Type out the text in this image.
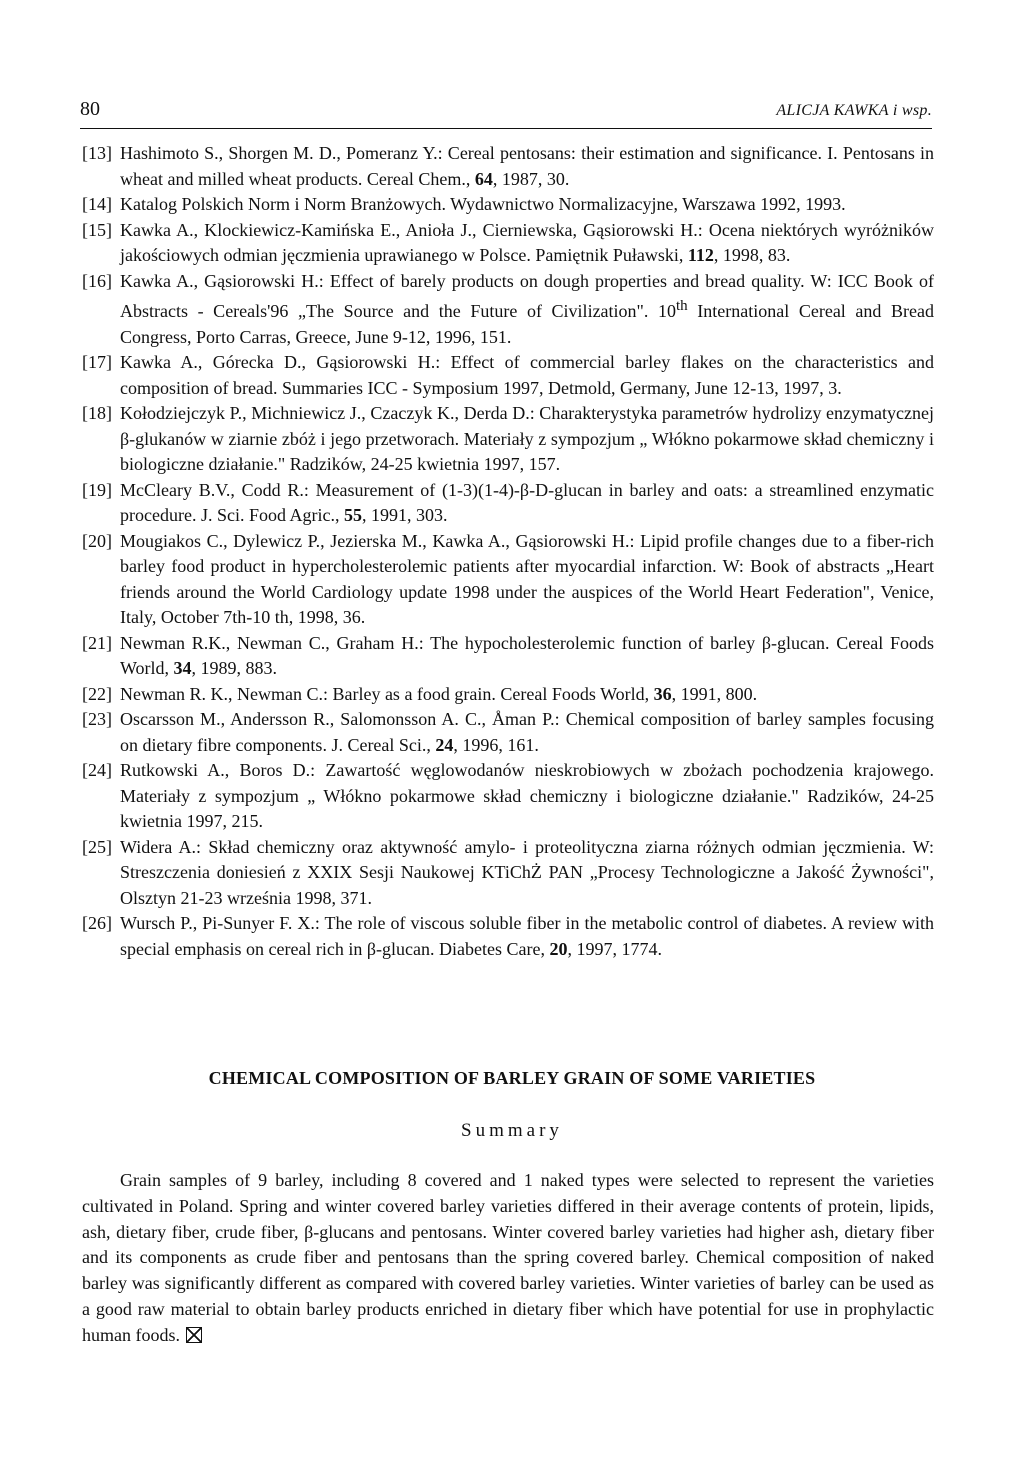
80	ALICJA KAWKA i wsp.
[13] Hashimoto S., Shorgen M. D., Pomeranz Y.: Cereal pentosans: their estimation and significance. I. Pentosans in wheat and milled wheat products. Cereal Chem., 64, 1987, 30.
[14] Katalog Polskich Norm i Norm Branżowych. Wydawnictwo Normalizacyjne, Warszawa 1992, 1993.
[15] Kawka A., Klockiewicz-Kamińska E., Anioła J., Cierniewska, Gąsiorowski H.: Ocena niektórych wyróżników jakościowych odmian jęczmienia uprawianego w Polsce. Pamiętnik Puławski, 112, 1998, 83.
[16] Kawka A., Gąsiorowski H.: Effect of barely products on dough properties and bread quality. W: ICC Book of Abstracts - Cereals'96 „The Source and the Future of Civilization". 10th International Cereal and Bread Congress, Porto Carras, Greece, June 9-12, 1996, 151.
[17] Kawka A., Górecka D., Gąsiorowski H.: Effect of commercial barley flakes on the characteristics and composition of bread. Summaries ICC - Symposium 1997, Detmold, Germany, June 12-13, 1997, 3.
[18] Kołodziejczyk P., Michniewicz J., Czaczyk K., Derda D.: Charakterystyka parametrów hydrolizy enzymatycznej β-glukanów w ziarnie zbóż i jego przetworach. Materiały z sympozjum „ Włókno pokarmowe skład chemiczny i biologiczne działanie." Radzików, 24-25 kwietnia 1997, 157.
[19] McCleary B.V., Codd R.: Measurement of (1-3)(1-4)-β-D-glucan in barley and oats: a streamlined enzymatic procedure. J. Sci. Food Agric., 55, 1991, 303.
[20] Mougiakos C., Dylewicz P., Jezierska M., Kawka A., Gąsiorowski H.: Lipid profile changes due to a fiber-rich barley food product in hypercholesterolemic patients after myocardial infarction. W: Book of abstracts „Heart friends around the World Cardiology update 1998 under the auspices of the World Heart Federation", Venice, Italy, October 7th-10 th, 1998, 36.
[21] Newman R.K., Newman C., Graham H.: The hypocholesterolemic function of barley β-glucan. Cereal Foods World, 34, 1989, 883.
[22] Newman R. K., Newman C.: Barley as a food grain. Cereal Foods World, 36, 1991, 800.
[23] Oscarsson M., Andersson R., Salomonsson A. C., Åman P.: Chemical composition of barley samples focusing on dietary fibre components. J. Cereal Sci., 24, 1996, 161.
[24] Rutkowski A., Boros D.: Zawartość węglowodanów nieskrobiowych w zbożach pochodzenia krajowego. Materiały z sympozjum „ Włókno pokarmowe skład chemiczny i biologiczne działanie." Radzików, 24-25 kwietnia 1997, 215.
[25] Widera A.: Skład chemiczny oraz aktywność amylo- i proteolityczna ziarna różnych odmian jęczmienia. W: Streszczenia doniesień z XXIX Sesji Naukowej KTiChŻ PAN „Procesy Technologiczne a Jakość Żywności", Olsztyn 21-23 września 1998, 371.
[26] Wursch P., Pi-Sunyer F. X.: The role of viscous soluble fiber in the metabolic control of diabetes. A review with special emphasis on cereal rich in β-glucan. Diabetes Care, 20, 1997, 1774.
CHEMICAL COMPOSITION OF BARLEY GRAIN OF SOME VARIETIES
Summary
Grain samples of 9 barley, including 8 covered and 1 naked types were selected to represent the varieties cultivated in Poland. Spring and winter covered barley varieties differed in their average contents of protein, lipids, ash, dietary fiber, crude fiber, β-glucans and pentosans. Winter covered barley varieties had higher ash, dietary fiber and its components as crude fiber and pentosans than the spring covered barley. Chemical composition of naked barley was significantly different as compared with covered barley varieties. Winter varieties of barley can be used as a good raw material to obtain barley products enriched in dietary fiber which have potential for use in prophylactic human foods.
